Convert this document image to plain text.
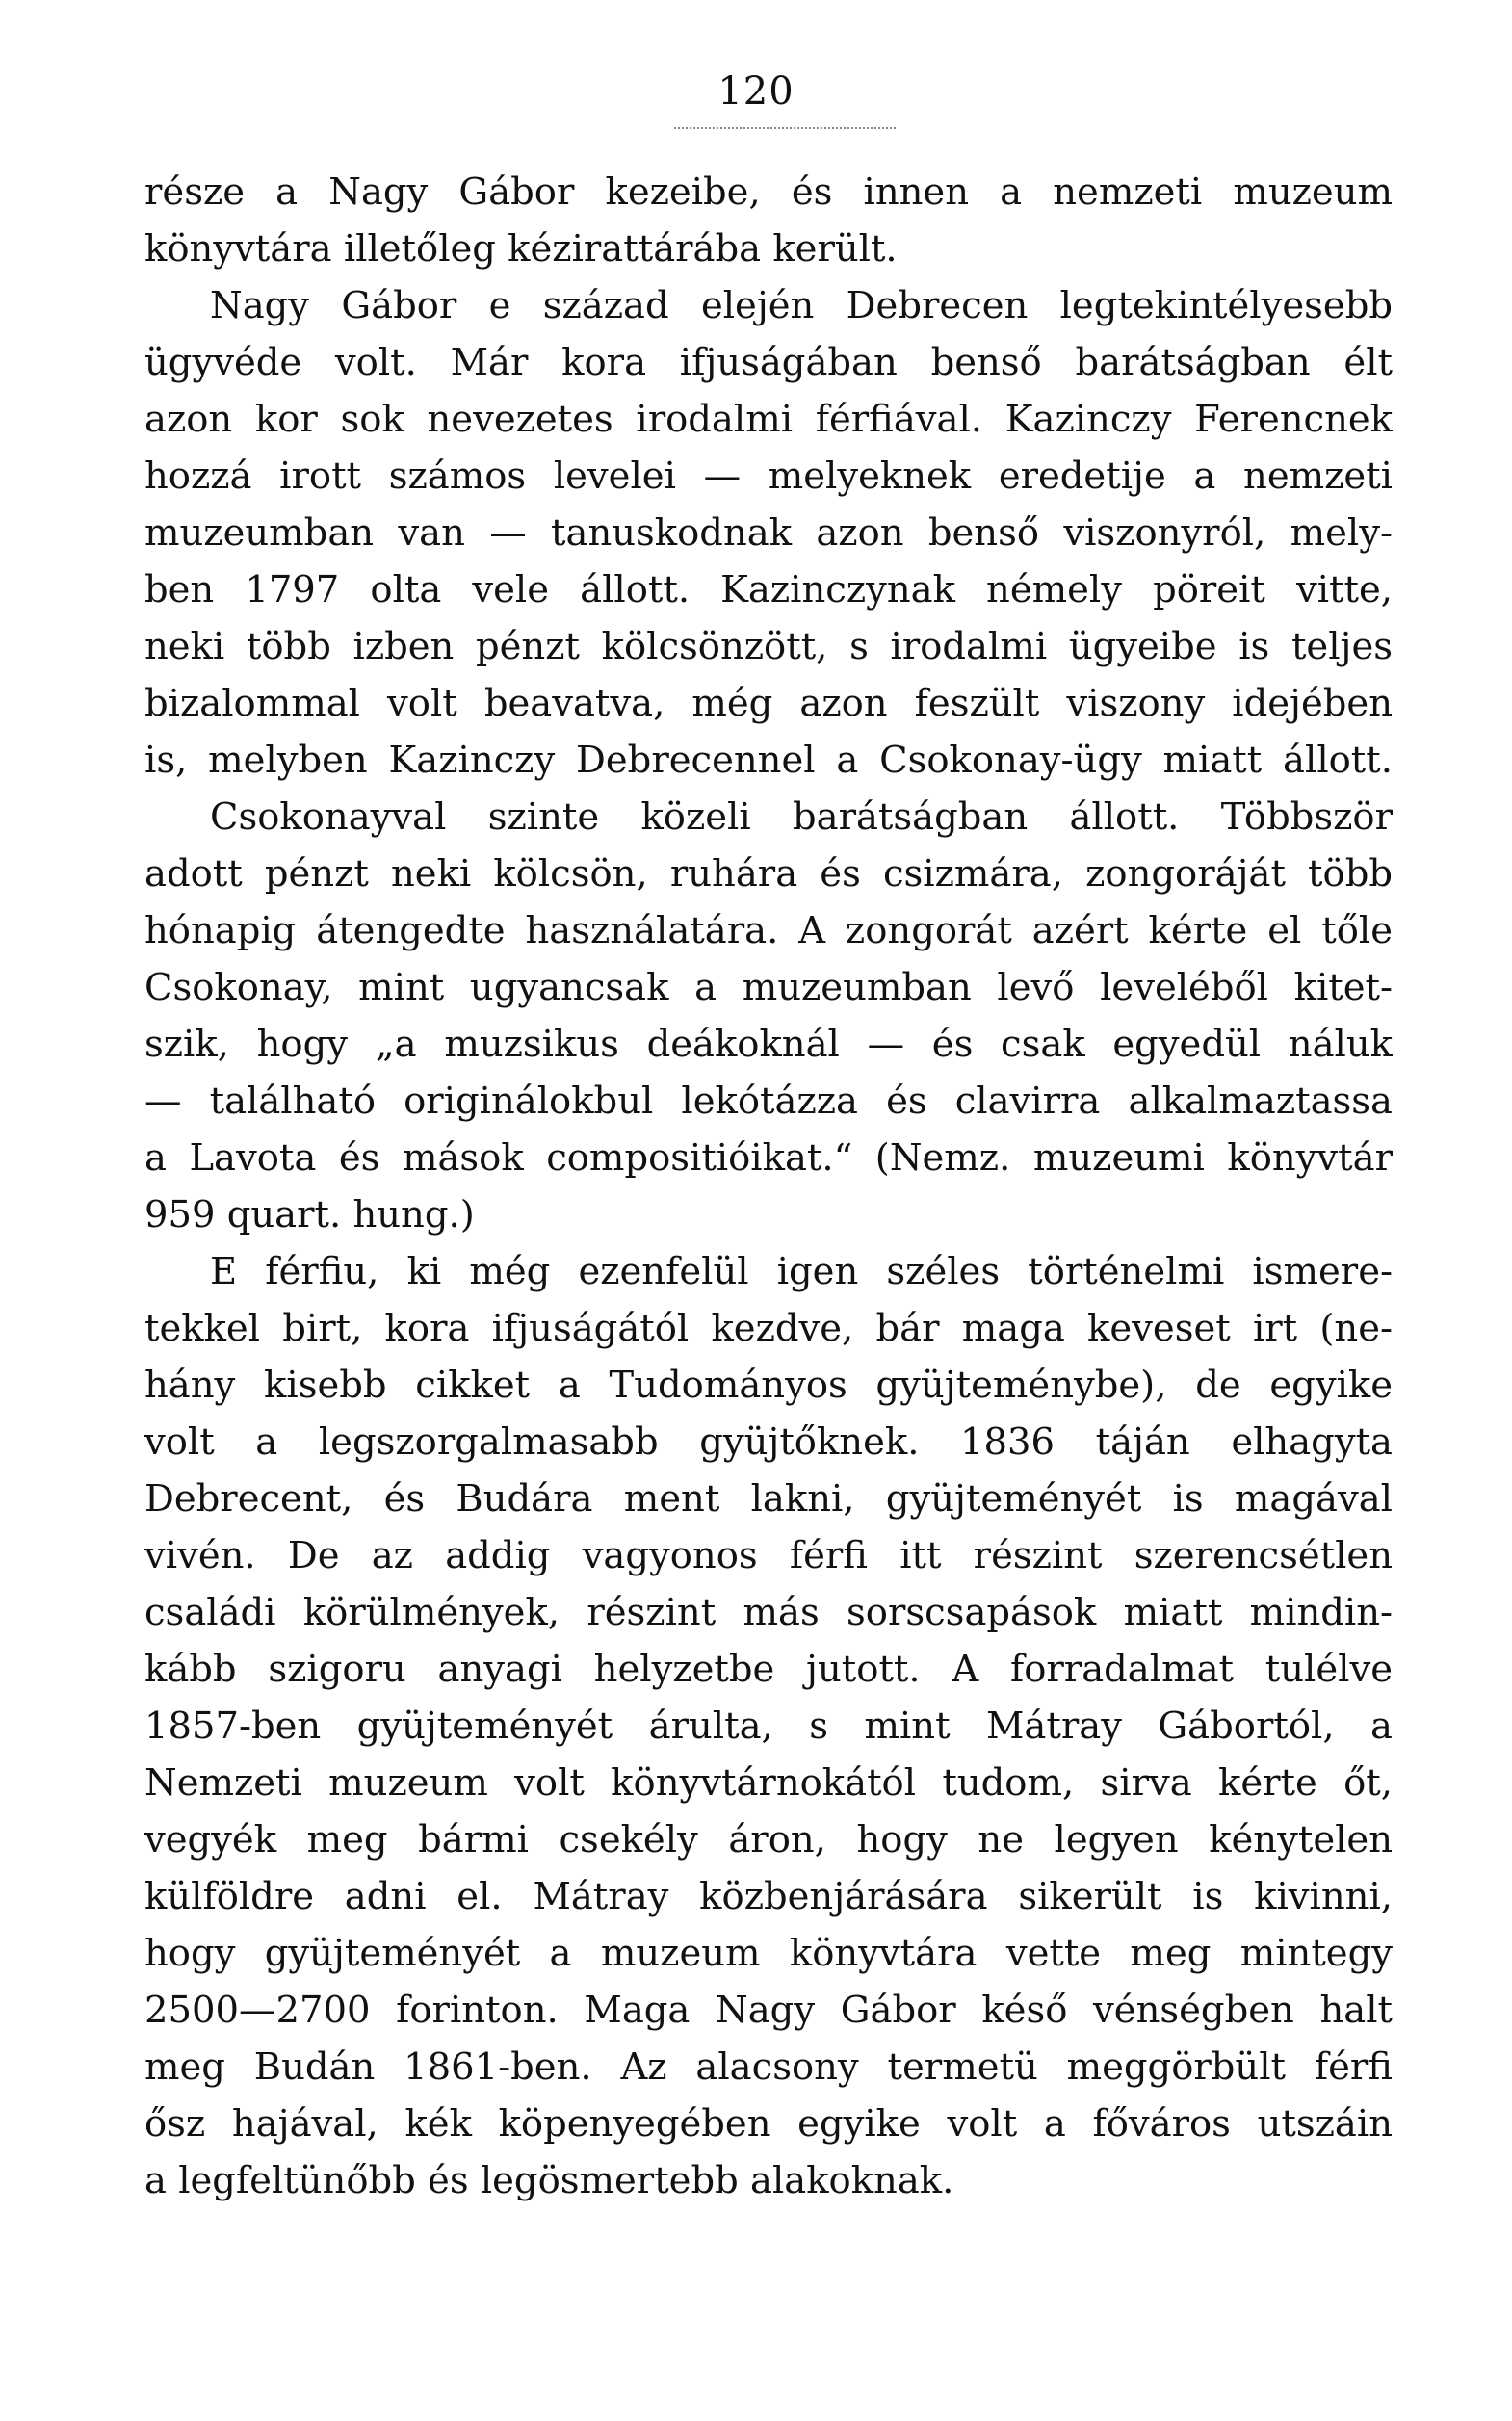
120
része a Nagy Gábor kezeibe, és innen a nemzeti muzeum
könyvtára illetőleg kézirattárába került.
Nagy Gábor e század elején Debrecen legtekintélyesebb
ügyvéde volt. Már kora ifjuságában benső barátságban élt
azon kor sok nevezetes irodalmi férfiával. Kazinczy Ferencnek
hozzá irott számos levelei — melyeknek eredetije a nemzeti
muzeumban van — tanuskodnak azon benső viszonyról, mely-
ben 1797 olta vele állott. Kazinczynak némely pöreit vitte,
neki több izben pénzt kölcsönzött, s irodalmi ügyeibe is teljes
bizalommal volt beavatva, még azon feszült viszony idejében
is, melyben Kazinczy Debrecennel a Csokonay-ügy miatt állott.
Csokonayval szinte közeli barátságban állott. Többször
adott pénzt neki kölcsön, ruhára és csizmára, zongoráját több
hónapig átengedte használatára. A zongorát azért kérte el tőle
Csokonay, mint ugyancsak a muzeumban levő leveléből kitet-
szik, hogy „a muzsikus deákoknál — és csak egyedül náluk
— található originálokbul lekótázza és clavirra alkalmaztassa
a Lavota és mások compositióikat.“ (Nemz. muzeumi könyvtár
959 quart. hung.)
E férfiu, ki még ezenfelül igen széles történelmi ismere-
tekkel birt, kora ifjuságától kezdve, bár maga keveset irt (ne-
hány kisebb cikket a Tudományos gyüjteménybe), de egyike
volt a legszorgalmasabb gyüjtőknek. 1836 táján elhagyta
Debrecent, és Budára ment lakni, gyüjteményét is magával
vivén. De az addig vagyonos férfi itt részint szerencsétlen
családi körülmények, részint más sorscsapások miatt mindin-
kább szigoru anyagi helyzetbe jutott. A forradalmat tulélve
1857-ben gyüjteményét árulta, s mint Mátray Gábortól, a
Nemzeti muzeum volt könyvtárnokától tudom, sirva kérte őt,
vegyék meg bármi csekély áron, hogy ne legyen kénytelen
külföldre adni el. Mátray közbenjárására sikerült is kivinni,
hogy gyüjteményét a muzeum könyvtára vette meg mintegy
2500—2700 forinton. Maga Nagy Gábor késő vénségben halt
meg Budán 1861-ben. Az alacsony termetü meggörbült férfi
ősz hajával, kék köpenyegében egyike volt a főváros utszáin
a legfeltünőbb és legösmertebb alakoknak.
